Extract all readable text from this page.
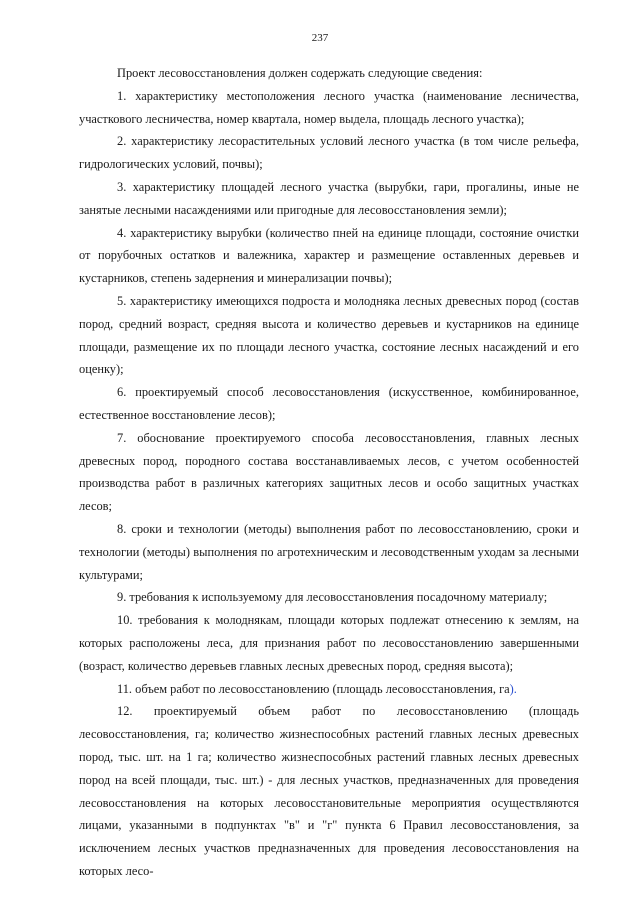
237

Проект лесовосстановления должен содержать следующие сведения:

1. характеристику местоположения лесного участка (наименование лесничества, участкового лесничества, номер квартала, номер выдела, площадь лесного участка);

2. характеристику лесорастительных условий лесного участка (в том числе рельефа, гидрологических условий, почвы);

3. характеристику площадей лесного участка (вырубки, гари, прогалины, иные не занятые лесными насаждениями или пригодные для лесовосстановления земли);

4. характеристику вырубки (количество пней на единице площади, состояние очистки от порубочных остатков и валежника, характер и размещение оставленных деревьев и кустарников, степень задернения и минерализации почвы);

5. характеристику имеющихся подроста и молодняка лесных древесных пород (состав пород, средний возраст, средняя высота и количество деревьев и кустарников на единице площади, размещение их по площади лесного участка, состояние лесных насаждений и его оценку);

6. проектируемый способ лесовосстановления (искусственное, комбинированное, естественное восстановление лесов);

7. обоснование проектируемого способа лесовосстановления, главных лесных древесных пород, породного состава восстанавливаемых лесов, с учетом особенностей производства работ в различных категориях защитных лесов и особо защитных участках лесов;

8. сроки и технологии (методы) выполнения работ по лесовосстановлению, сроки и технологии (методы) выполнения по агротехническим и лесоводственным уходам за лесными культурами;

9. требования к используемому для лесовосстановления посадочному материалу;

10. требования к молоднякам, площади которых подлежат отнесению к землям, на которых расположены леса, для признания работ по лесовосстановлению завершенными (возраст, количество деревьев главных лесных древесных пород, средняя высота);

11. объем работ по лесовосстановлению (площадь лесовосстановления, га).

12. проектируемый объем работ по лесовосстановлению (площадь лесовосстановления, га; количество жизнеспособных растений главных лесных древесных пород, тыс. шт. на 1 га; количество жизнеспособных растений главных лесных древесных пород на всей площади, тыс. шт.) - для лесных участков, предназначенных для проведения лесовосстановления на которых лесовосстановительные мероприятия осуществляются лицами, указанными в подпунктах "в" и "г" пункта 6 Правил лесовосстановления, за исключением лесных участков предназначенных для проведения лесовосстановления на которых лесо-
